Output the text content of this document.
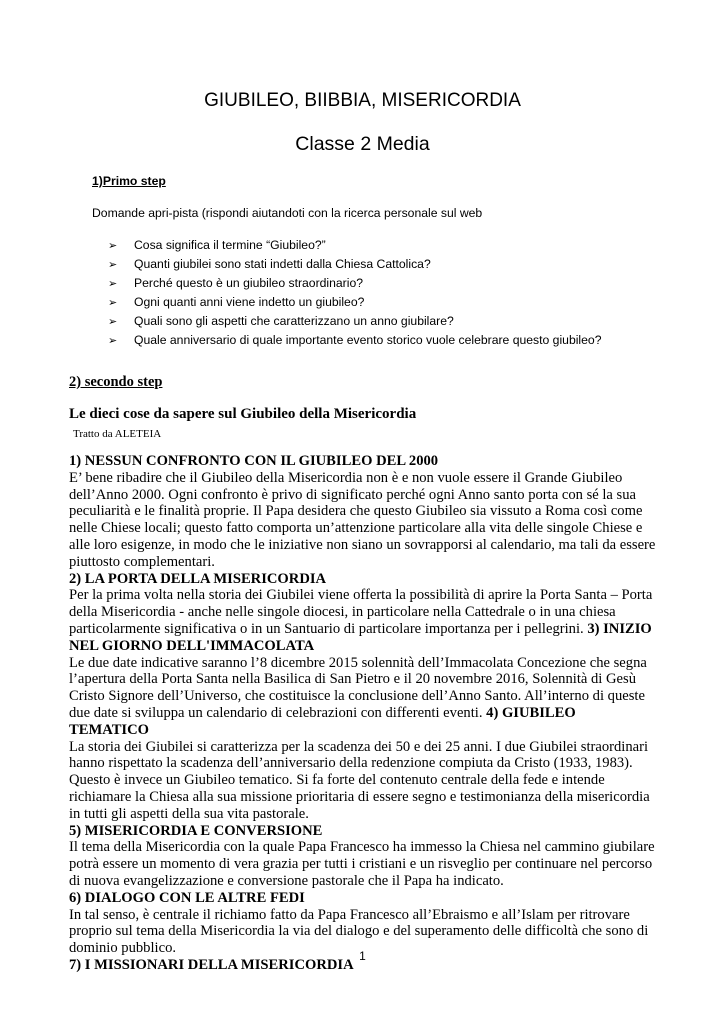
GIUBILEO, BIIBBIA, MISERICORDIA
Classe 2 Media
1)Primo step
Domande apri-pista (rispondi aiutandoti con la ricerca personale sul web
➢ Cosa significa il termine “Giubileo?”
➢ Quanti giubilei sono stati indetti dalla Chiesa Cattolica?
➢ Perché questo è un giubileo straordinario?
➢ Ogni quanti anni viene indetto un giubileo?
➢ Quali sono gli aspetti che caratterizzano un anno giubilare?
➢ Quale anniversario di quale importante evento storico vuole celebrare questo giubileo?
2) secondo step
Le dieci cose da sapere sul Giubileo della Misericordia
Tratto da ALETEIA

1) NESSUN CONFRONTO CON IL GIUBILEO DEL 2000

E’ bene ribadire che il Giubileo della Misericordia non è e non vuole essere il Grande Giubileo dell’Anno 2000. Ogni confronto è privo di significato perché ogni Anno santo porta con sé la sua peculiarità e le finalità proprie. Il Papa desidera che questo Giubileo sia vissuto a Roma così come nelle Chiese locali; questo fatto comporta un’attenzione particolare alla vita delle singole Chiese e alle loro esigenze, in modo che le iniziative non siano un sovrapporsi al calendario, ma tali da essere piuttosto complementari.

2) LA PORTA DELLA MISERICORDIA

Per la prima volta nella storia dei Giubilei viene offerta la possibilità di aprire la Porta Santa – Porta della Misericordia - anche nelle singole diocesi, in particolare nella Cattedrale o in una chiesa particolarmente significativa o in un Santuario di particolare importanza per i pellegrini. 3) INIZIO NEL GIORNO DELL'IMMACOLATA

Le due date indicative saranno l’8 dicembre 2015 solennità dell’Immacolata Concezione che segna l’apertura della Porta Santa nella Basilica di San Pietro e il 20 novembre 2016, Solennità di Gesù Cristo Signore dell’Universo, che costituisce la conclusione dell’Anno Santo. All’interno di queste due date si sviluppa un calendario di celebrazioni con differenti eventi. 4) GIUBILEO TEMATICO

La storia dei Giubilei si caratterizza per la scadenza dei 50 e dei 25 anni. I due Giubilei straordinari hanno rispettato la scadenza dell’anniversario della redenzione compiuta da Cristo (1933, 1983). Questo è invece un Giubileo tematico. Si fa forte del contenuto centrale della fede e intende richiamare la Chiesa alla sua missione prioritaria di essere segno e testimonianza della misericordia in tutti gli aspetti della sua vita pastorale.

5) MISERICORDIA E CONVERSIONE

Il tema della Misericordia con la quale Papa Francesco ha immesso la Chiesa nel cammino giubilare potrà essere un momento di vera grazia per tutti i cristiani e un risveglio per continuare nel percorso di nuova evangelizzazione e conversione pastorale che il Papa ha indicato.

6) DIALOGO CON LE ALTRE FEDI

In tal senso, è centrale il richiamo fatto da Papa Francesco all’Ebraismo e all’Islam per ritrovare proprio sul tema della Misericordia la via del dialogo e del superamento delle difficoltà che sono di dominio pubblico.

7) I MISSIONARI DELLA MISERICORDIA

1
